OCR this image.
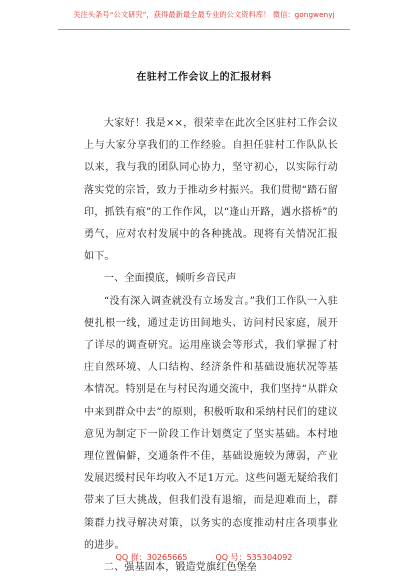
关注头条号“公文研究”，获得最新最全最专业的公文资料库！ 微信：gongwenyj
在驻村工作会议上的汇报材料

大家好！我是××，很荣幸在此次全区驻村工作会议上与大家分享我们的工作经验。自担任驻村工作队队长以来，我与我的团队同心协力，坚守初心，以实际行动落实党的宗旨，致力于推动乡村振兴。我们贯彻“踏石留印，抓铁有痕”的工作作风，以“逢山开路，遇水搭桥”的勇气，应对农村发展中的各种挑战。现将有关情况汇报如下。

一、全面摸底，倾听乡音民声

“没有深入调查就没有立场发言。”我们工作队一入驻便扎根一线，通过走访田间地头、访问村民家庭，展开了详尽的调查研究。运用座谈会等形式，我们掌握了村庄自然环境、人口结构、经济条件和基础设施状况等基本情况。特别是在与村民沟通交流中，我们坚持“从群众中来到群众中去”的原则，积极听取和采纳村民们的建议意见为制定下一阶段工作计划奠定了坚实基础。本村地理位置偏僻，交通条件不佳，基础设施较为薄弱，产业发展迟缓村民年均收入不足1万元。这些问题无疑给我们带来了巨大挑战，但我们没有退缩，而是迎难而上，群策群力找寻解决对策，以务实的态度推动村庄各项事业的进步。

二、强基固本，锻造党旗红色堡垒

QQ 群：30265665	QQ 号：535304092
